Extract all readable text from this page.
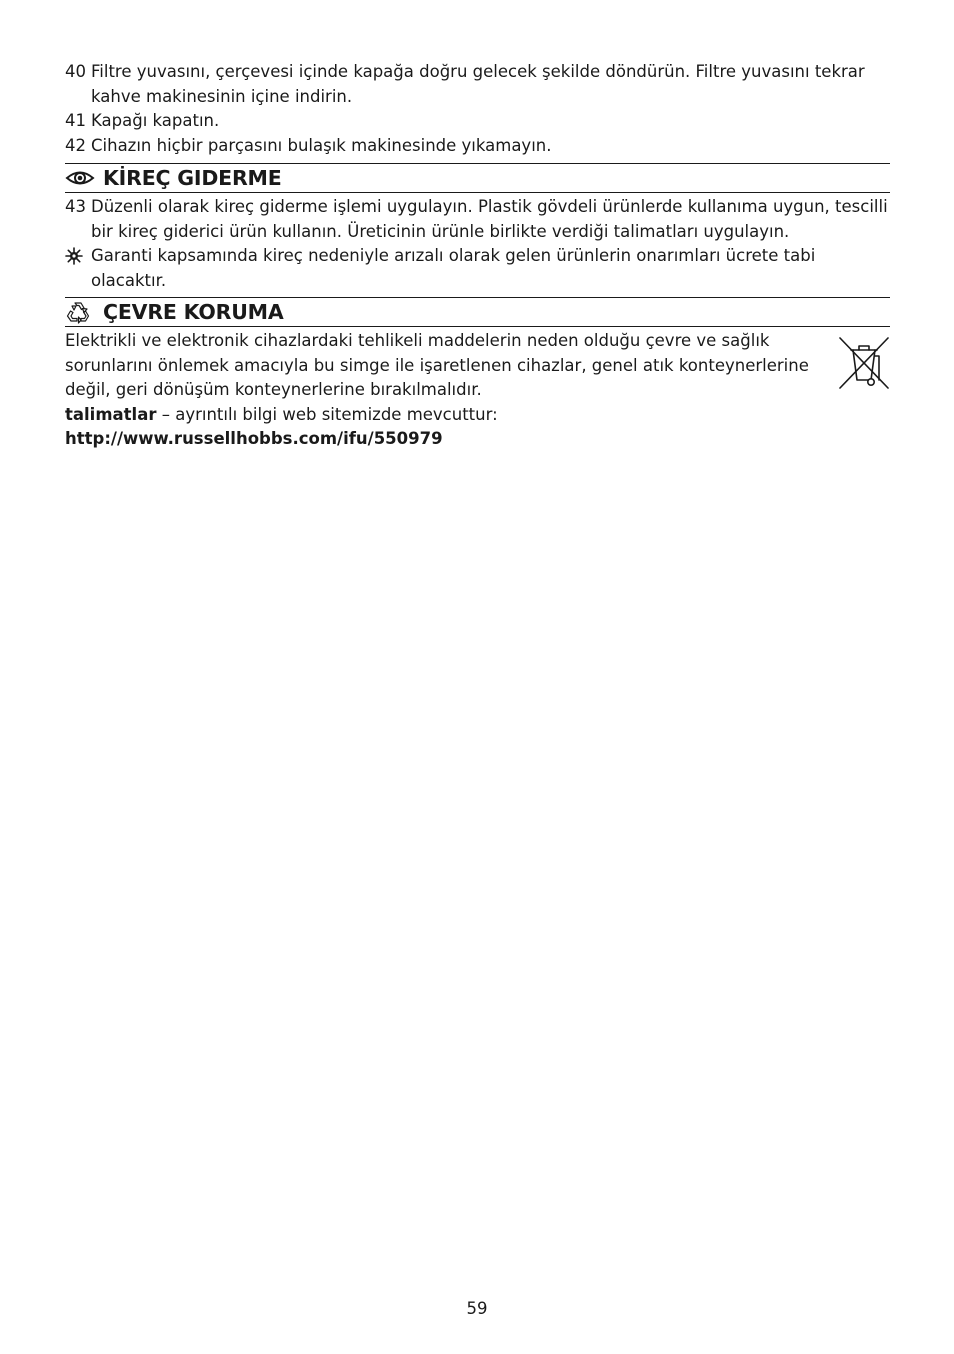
40 Filtre yuvasını, çerçevesi içinde kapağa doğru gelecek şekilde döndürün. Filtre yuvasını tekrar kahve makinesinin içine indirin.
41 Kapağı kapatın.
42 Cihazın hiçbir parçasını bulaşık makinesinde yıkamayın.
KİREÇ GIDERME
43 Düzenli olarak kireç giderme işlemi uygulayın. Plastik gövdeli ürünlerde kullanıma uygun, tescilli bir kireç giderici ürün kullanın. Üreticinin ürünle birlikte verdiği talimatları uygulayın.
Garanti kapsamında kireç nedeniyle arızalı olarak gelen ürünlerin onarımları ücrete tabi olacaktır.
ÇEVRE KORUMA
Elektrikli ve elektronik cihazlardaki tehlikeli maddelerin neden olduğu çevre ve sağlık sorunlarını önlemek amacıyla bu simge ile işaretlenen cihazlar, genel atık konteynerlerine değil, geri dönüşüm konteynerlerine bırakılmalıdır.
talimatlar – ayrıntılı bilgi web sitemizde mevcuttur:
http://www.russellhobbs.com/ifu/550979
59
